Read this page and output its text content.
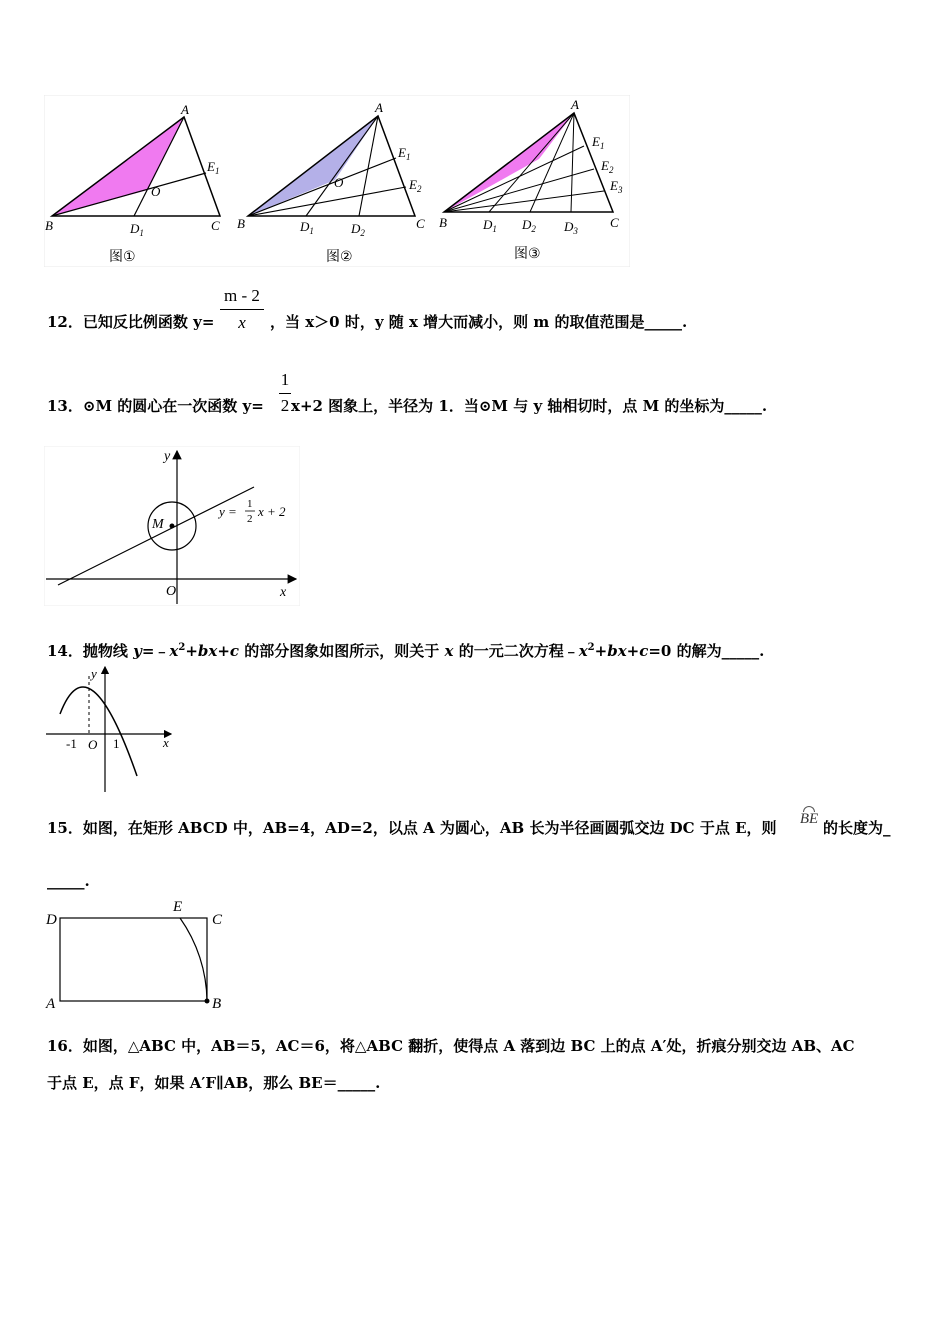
A
B	C
$D_1$
$E_1$
O
图①
A
B	C
$D_1$	$D_2$
$E_1$
$E_2$
O
图②
A
B	C
$D_1$ $D_2$ $D_3$
$E_1$
$E_2$
$E_3$
图③
12．已知反比例函数 y=
m - 2
x	，当 x＞0 时，y 随 x 增大而减小，则 m 的取值范围是_____.
13．⊙M 的圆心在一次函数 y=
1
2 x+2 图象上，半径为 1．当⊙M 与 y 轴相切时，点 M 的坐标为_____.
y
x
O
M
y = 1
2 x + 2
14．抛物线 $y=﹣x^2+bx+c$ 的部分图象如图所示，则关于 x 的一元二次方程$﹣x^2+bx+c=0$ 的解为_____.
y
x
-1 O 1
15．如图，在矩形 ABCD 中，AB=4，AD=2，以点 A 为圆心，AB 长为半径画圆弧交边 DC 于点 E，则 BE 的长度为_
_____.
D
E
C
A	B
16．如图，△ABC 中，AB＝5，AC＝6，将△ABC 翻折，使得点 A 落到边 BC 上的点 A′处，折痕分别交边 AB、AC
于点 E，点 F，如果 A′F∥AB，那么 BE＝_____.
